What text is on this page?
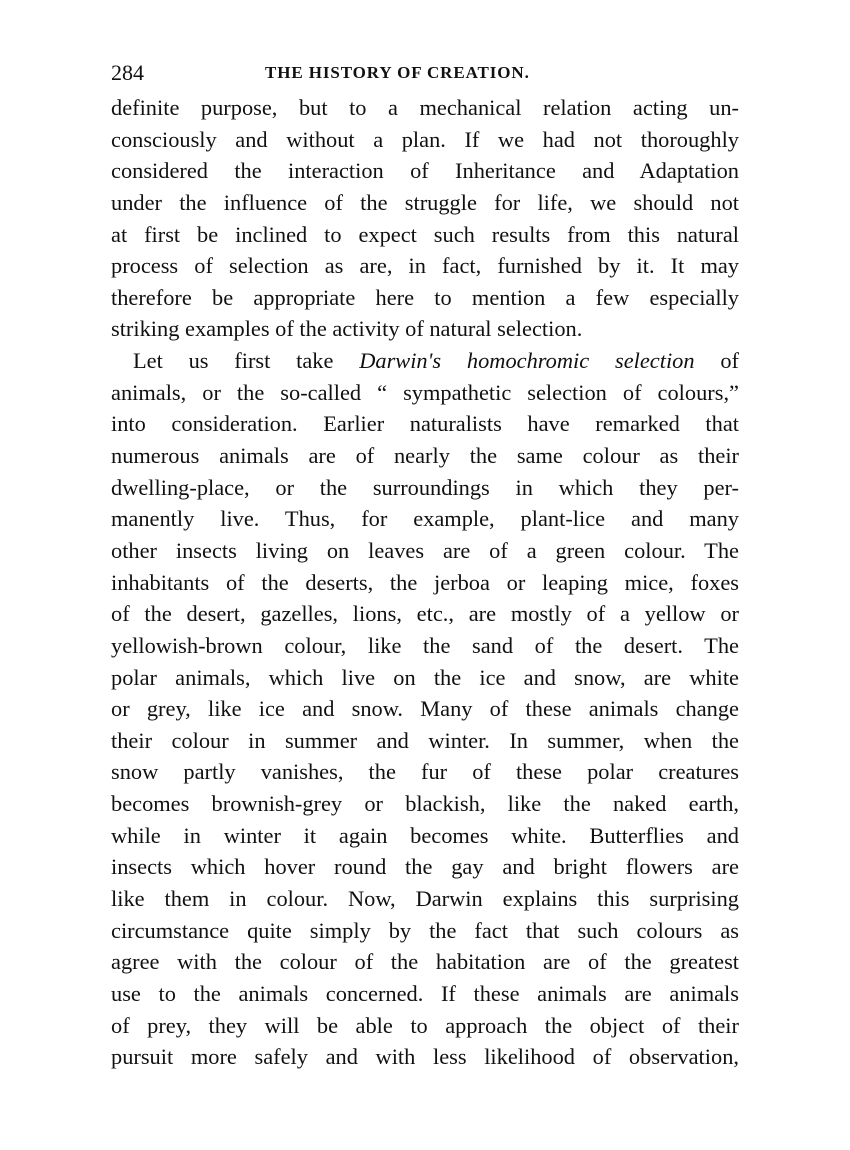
284	THE HISTORY OF CREATION.
definite purpose, but to a mechanical relation acting un-
consciously and without a plan. If we had not thoroughly
considered the interaction of Inheritance and Adaptation
under the influence of the struggle for life, we should not
at first be inclined to expect such results from this natural
process of selection as are, in fact, furnished by it. It may
therefore be appropriate here to mention a few especially
striking examples of the activity of natural selection.
Let us first take Darwin's homochromic selection of
animals, or the so-called “ sympathetic selection of colours,”
into consideration. Earlier naturalists have remarked that
numerous animals are of nearly the same colour as their
dwelling-place, or the surroundings in which they per-
manently live. Thus, for example, plant-lice and many
other insects living on leaves are of a green colour. The
inhabitants of the deserts, the jerboa or leaping mice, foxes
of the desert, gazelles, lions, etc., are mostly of a yellow or
yellowish-brown colour, like the sand of the desert. The
polar animals, which live on the ice and snow, are white
or grey, like ice and snow. Many of these animals change
their colour in summer and winter. In summer, when the
snow partly vanishes, the fur of these polar creatures
becomes brownish-grey or blackish, like the naked earth,
while in winter it again becomes white. Butterflies and
insects which hover round the gay and bright flowers are
like them in colour. Now, Darwin explains this surprising
circumstance quite simply by the fact that such colours as
agree with the colour of the habitation are of the greatest
use to the animals concerned. If these animals are animals
of prey, they will be able to approach the object of their
pursuit more safely and with less likelihood of observation,
